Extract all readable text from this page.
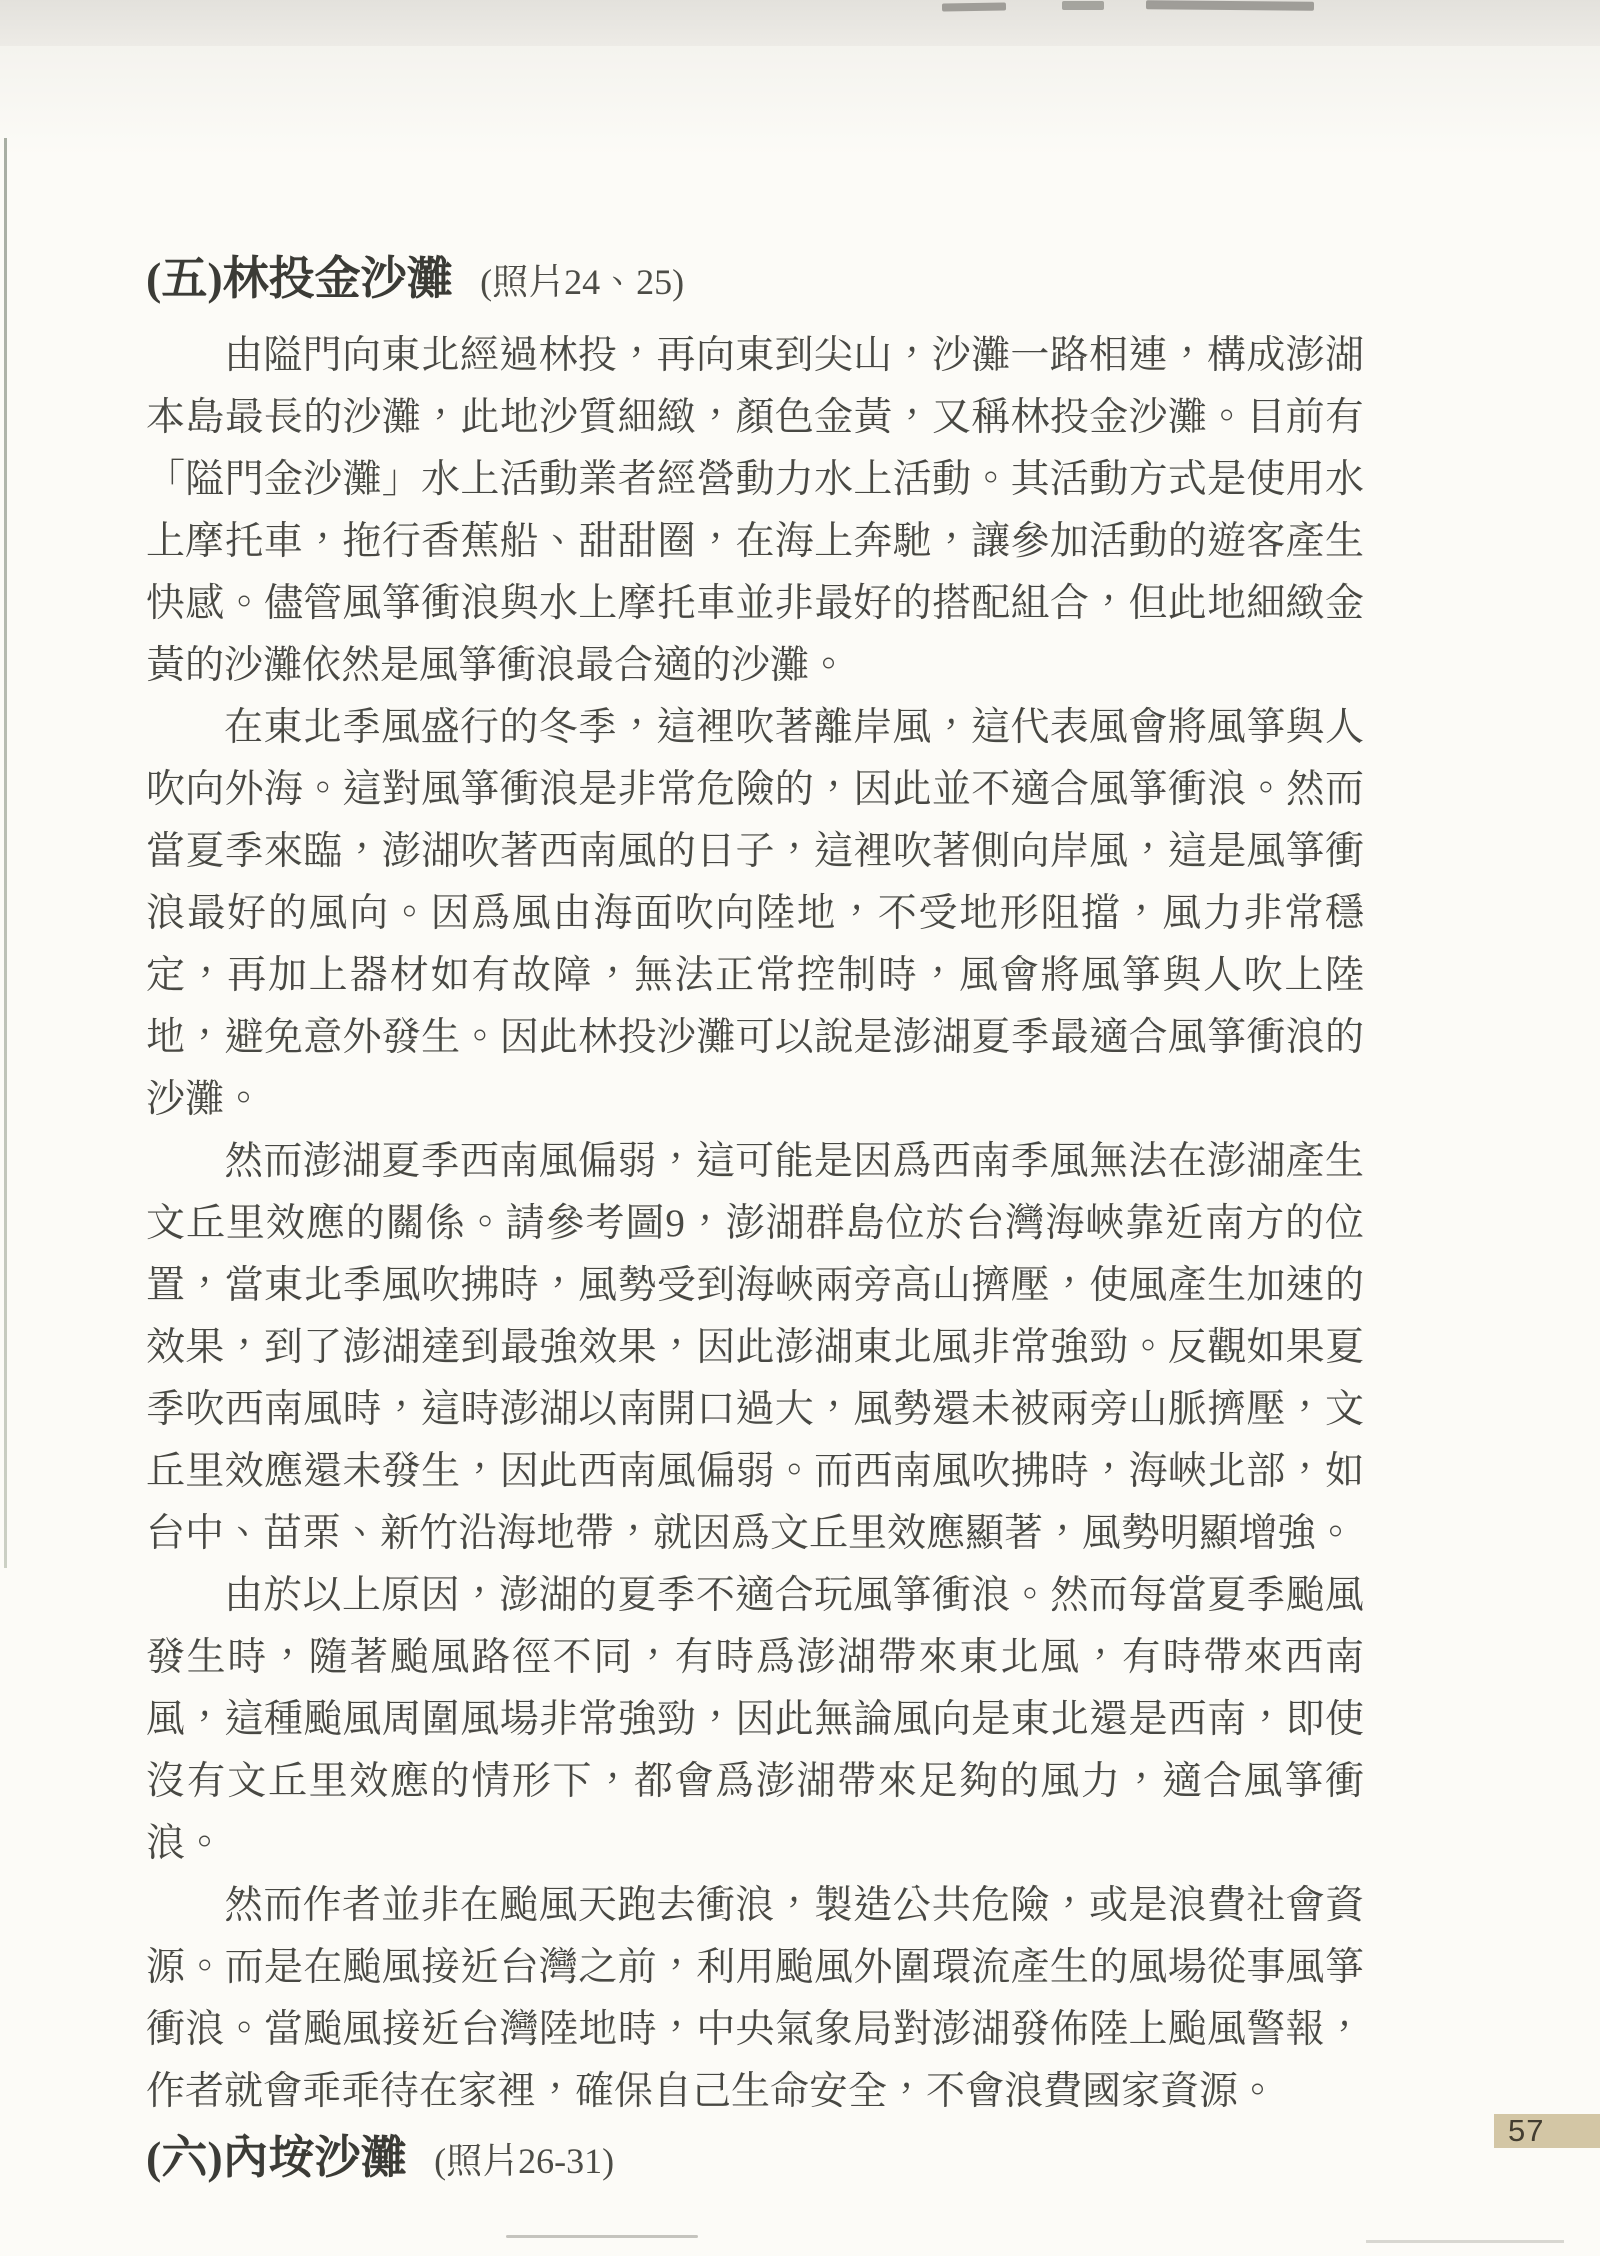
(五)林投金沙灘 (照片24、25)

由隘門向東北經過林投，再向東到尖山，沙灘一路相連，構成澎湖本島最長的沙灘，此地沙質細緻，顏色金黃，又稱林投金沙灘。目前有「隘門金沙灘」水上活動業者經營動力水上活動。其活動方式是使用水上摩托車，拖行香蕉船、甜甜圈，在海上奔馳，讓參加活動的遊客產生快感。儘管風箏衝浪與水上摩托車並非最好的搭配組合，但此地細緻金黃的沙灘依然是風箏衝浪最合適的沙灘。

在東北季風盛行的冬季，這裡吹著離岸風，這代表風會將風箏與人吹向外海。這對風箏衝浪是非常危險的，因此並不適合風箏衝浪。然而當夏季來臨，澎湖吹著西南風的日子，這裡吹著側向岸風，這是風箏衝浪最好的風向。因爲風由海面吹向陸地，不受地形阻擋，風力非常穩定，再加上器材如有故障，無法正常控制時，風會將風箏與人吹上陸地，避免意外發生。因此林投沙灘可以說是澎湖夏季最適合風箏衝浪的沙灘。

然而澎湖夏季西南風偏弱，這可能是因爲西南季風無法在澎湖產生文丘里效應的關係。請參考圖9，澎湖群島位於台灣海峽靠近南方的位置，當東北季風吹拂時，風勢受到海峽兩旁高山擠壓，使風產生加速的效果，到了澎湖達到最強效果，因此澎湖東北風非常強勁。反觀如果夏季吹西南風時，這時澎湖以南開口過大，風勢還未被兩旁山脈擠壓，文丘里效應還未發生，因此西南風偏弱。而西南風吹拂時，海峽北部，如台中、苗栗、新竹沿海地帶，就因爲文丘里效應顯著，風勢明顯增強。

由於以上原因，澎湖的夏季不適合玩風箏衝浪。然而每當夏季颱風發生時，隨著颱風路徑不同，有時爲澎湖帶來東北風，有時帶來西南風，這種颱風周圍風場非常強勁，因此無論風向是東北還是西南，即使沒有文丘里效應的情形下，都會爲澎湖帶來足夠的風力，適合風箏衝浪。

然而作者並非在颱風天跑去衝浪，製造公共危險，或是浪費社會資源。而是在颱風接近台灣之前，利用颱風外圍環流產生的風場從事風箏衝浪。當颱風接近台灣陸地時，中央氣象局對澎湖發佈陸上颱風警報，作者就會乖乖待在家裡，確保自己生命安全，不會浪費國家資源。

(六)內垵沙灘 (照片26-31)
57
